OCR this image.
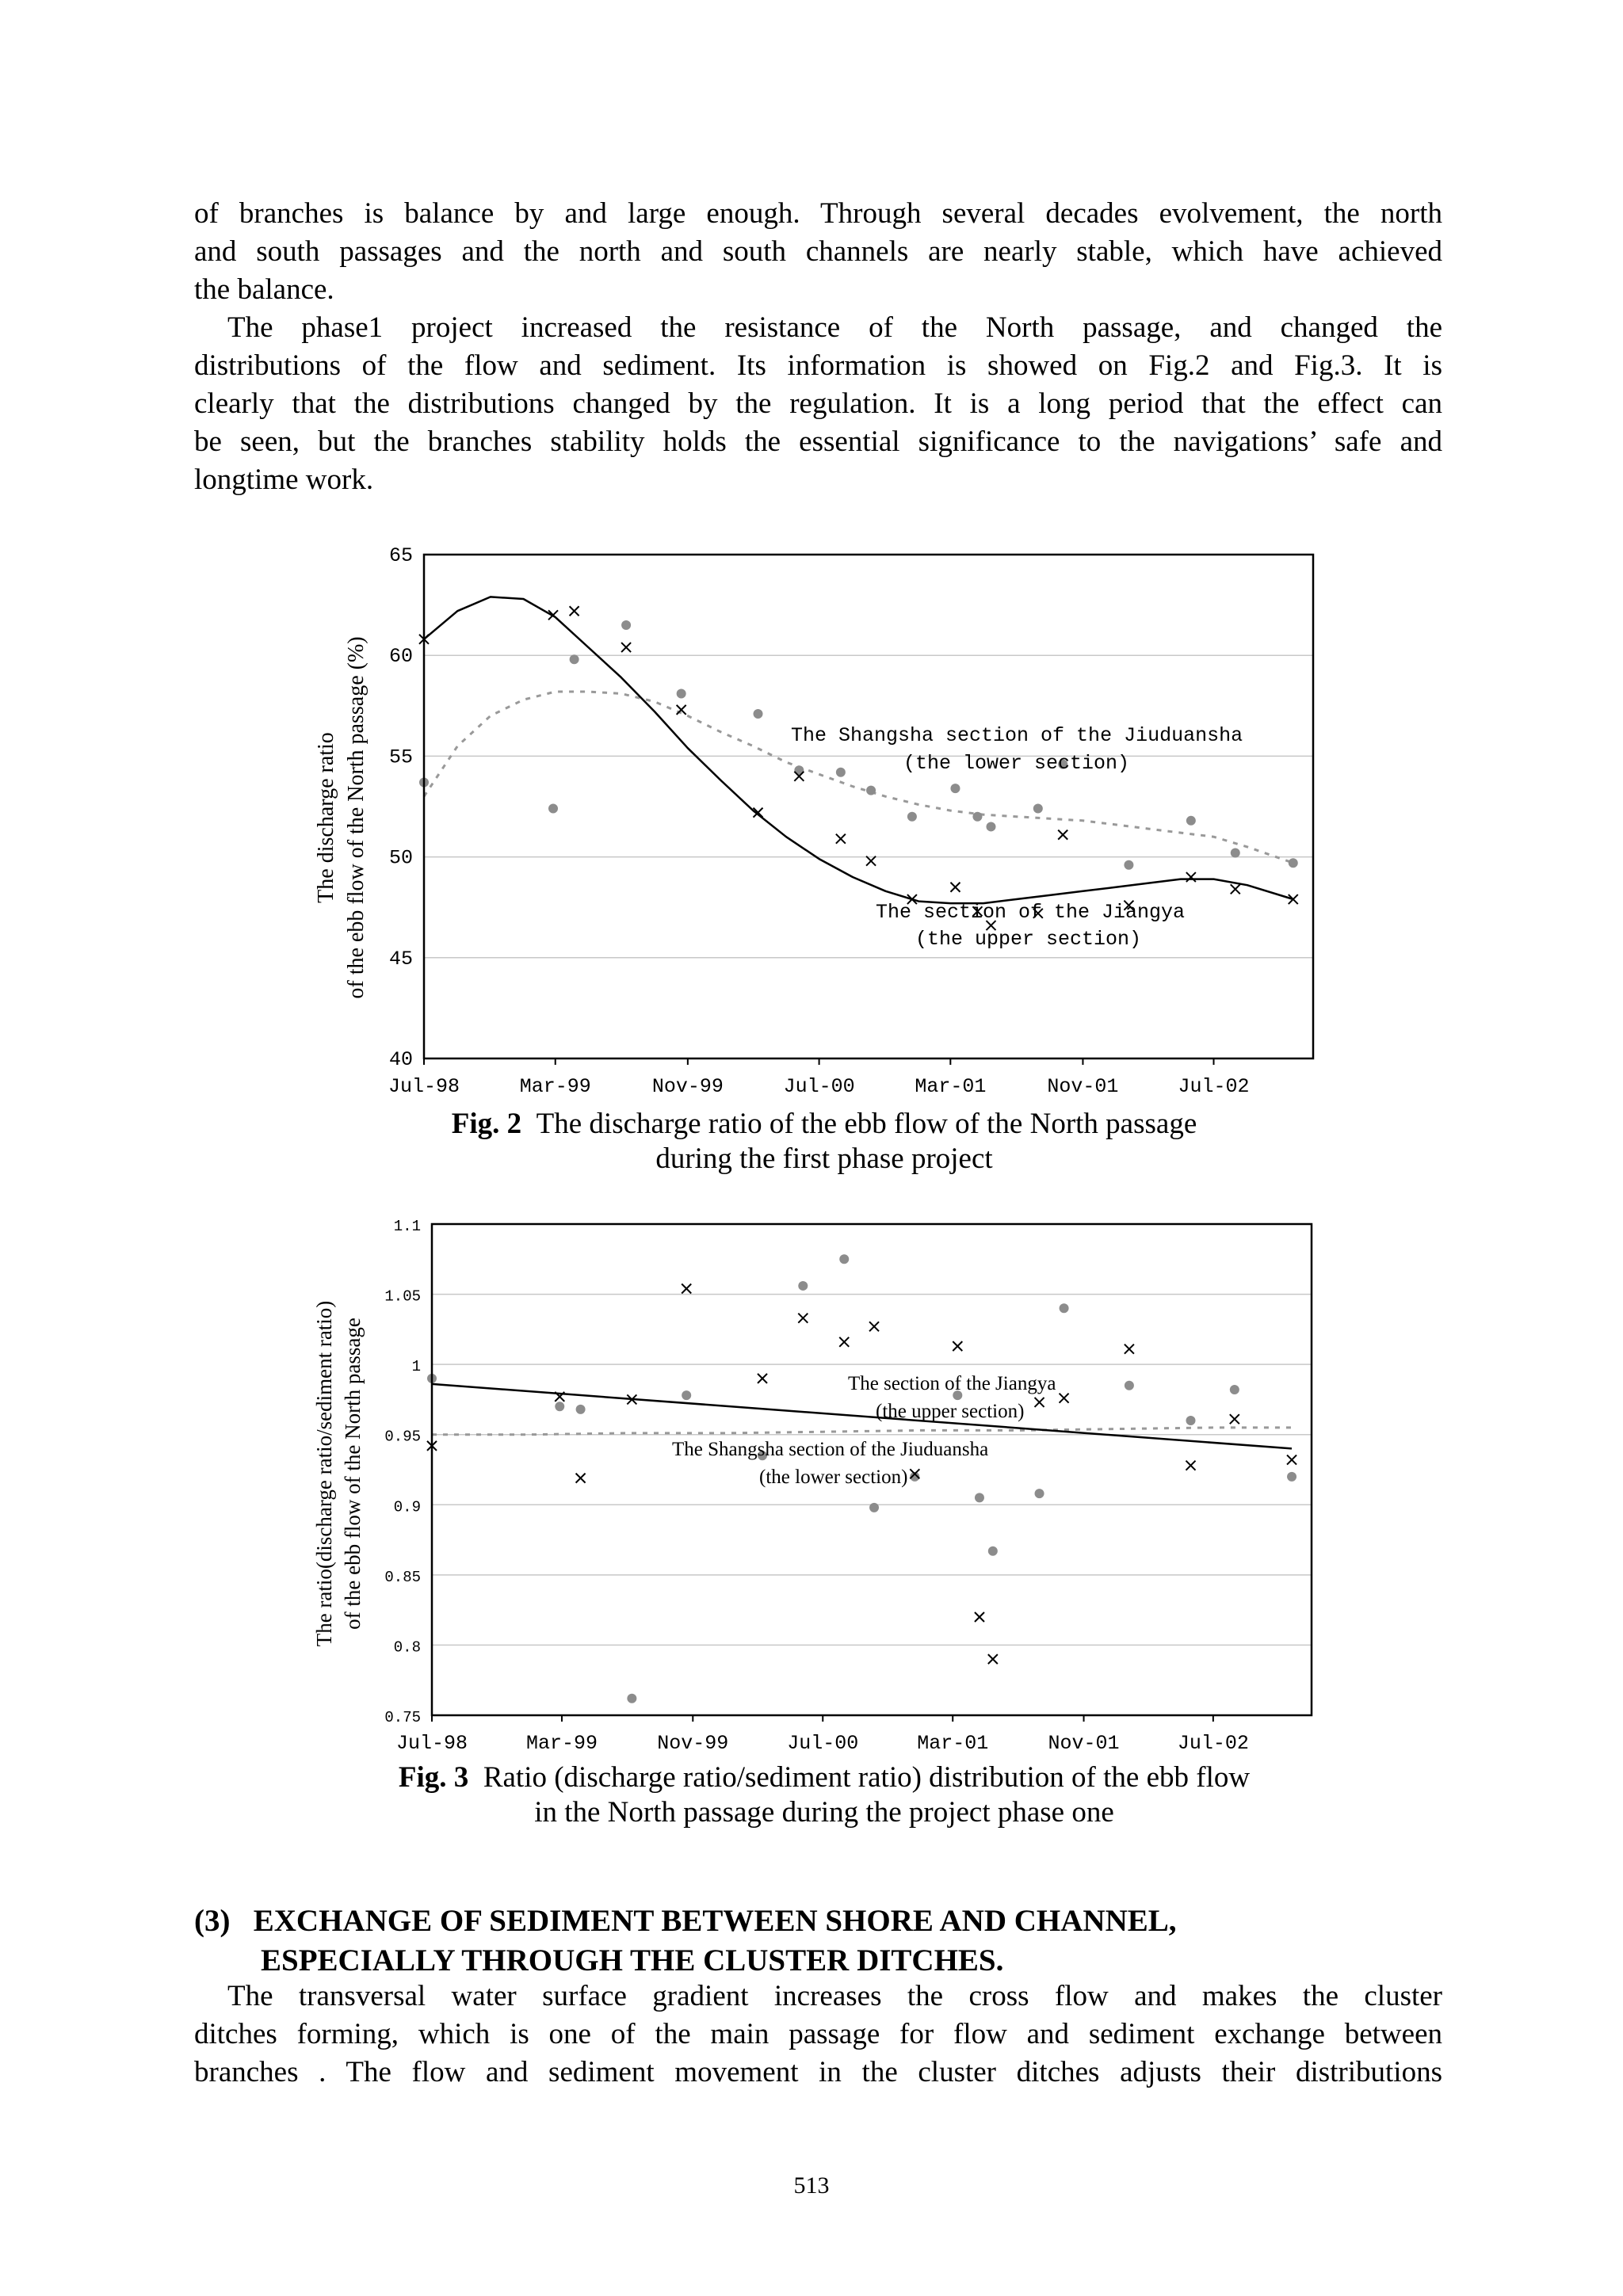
of branches is balance by and large enough. Through several decades evolvement, the north
and south passages and the north and south channels are nearly stable, which have achieved
the balance.
The phase1 project increased the resistance of the North passage, and changed the
distributions of the flow and sediment. Its information is showed on Fig.2 and Fig.3. It is
clearly that the distributions changed by the regulation. It is a long period that the effect can
be seen, but the branches stability holds the essential significance to the navigations’ safe and
longtime work.
40
45
50
55
60
65
Jul-98	Mar-99	Nov-99	Jul-00	Mar-01	Nov-01	Jul-02
The discharge ratio of the ebb flow of the North passage (%)	The Shangsha section of the Jiuduansha
(the lower section)
The section of the Jiangya
(the upper section)
Fig. 2 The discharge ratio of the ebb flow of the North passage
during the first phase project
0.75
0.8
0.85
0.9
0.95
1
1.05
1.1
Jul-98	Mar-99	Nov-99	Jul-00	Mar-01	Nov-01	Jul-02
The ratio(discharge ratio/sediment ratio) of the ebb flow of the North passage	The section of the Jiangya
(the upper section)
The Shangsha section of the Jiuduansha
(the lower section)
Fig. 3 Ratio (discharge ratio/sediment ratio) distribution of the ebb flow
in the North passage during the project phase one
(3) EXCHANGE OF SEDIMENT BETWEEN SHORE AND CHANNEL,
ESPECIALLY THROUGH THE CLUSTER DITCHES.
The transversal water surface gradient increases the cross flow and makes the cluster
ditches forming, which is one of the main passage for flow and sediment exchange between
branches . The flow and sediment movement in the cluster ditches adjusts their distributions
513
